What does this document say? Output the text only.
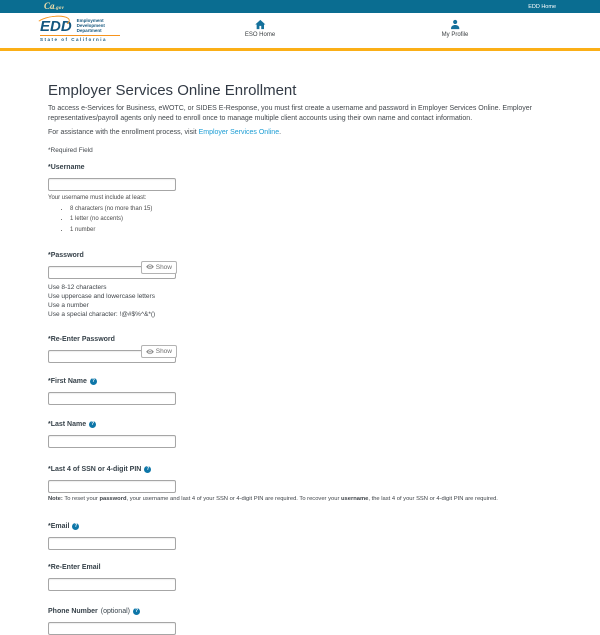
Ca.gov	EDD Home
EDD	Employment
Development
Department
State of California
ESO Home	My Profile
Employer Services Online Enrollment

To access e-Services for Business, eWOTC, or SIDES E-Response, you must first create a username and password in Employer Services Online. Employer representatives/payroll agents only need to enroll once to manage multiple client accounts using their own name and contact information.

For assistance with the enrollment process, visit Employer Services Online.

*Required Field
*Username
Your username must include at least:
• 8 characters (no more than 15)
• 1 letter (no accents)
• 1 number
*Password
Show
Use 8-12 characters
Use uppercase and lowercase letters
Use a number
Use a special character: !@#$%^&*()
*Re-Enter Password
Show
*First Name ?
*Last Name ?
*Last 4 of SSN or 4-digit PIN ?
Note: To reset your password, your username and last 4 of your SSN or 4-digit PIN are required. To recover your username, the last 4 of your SSN or 4-digit PIN are required.
*Email ?
*Re-Enter Email
Phone Number (optional) ?
